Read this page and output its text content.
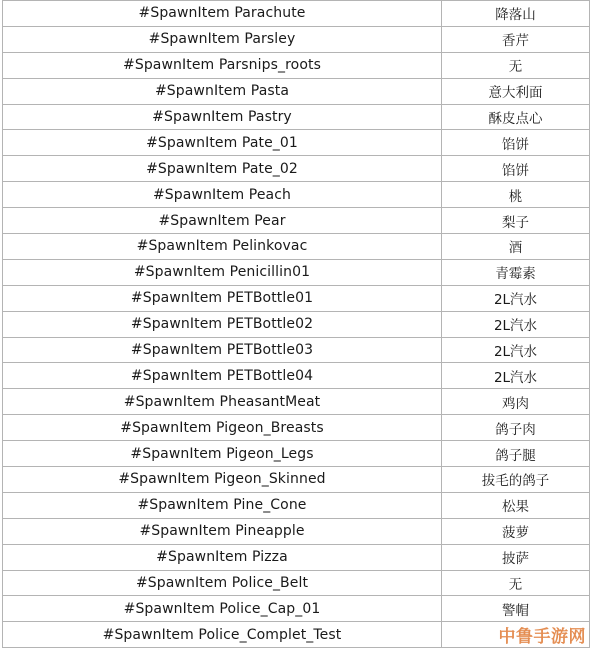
#SpawnItem Parachute	降落山
#SpawnItem Parsley	香芹
#SpawnItem Parsnips_roots	无
#SpawnItem Pasta	意大利面
#SpawnItem Pastry	酥皮点心
#SpawnItem Pate_01	馅饼
#SpawnItem Pate_02	馅饼
#SpawnItem Peach	桃
#SpawnItem Pear	梨子
#SpawnItem Pelinkovac	酒
#SpawnItem Penicillin01	青霉素
#SpawnItem PETBottle01	2L汽水
#SpawnItem PETBottle02	2L汽水
#SpawnItem PETBottle03	2L汽水
#SpawnItem PETBottle04	2L汽水
#SpawnItem PheasantMeat	鸡肉
#SpawnItem Pigeon_Breasts	鸽子肉
#SpawnItem Pigeon_Legs	鸽子腿
#SpawnItem Pigeon_Skinned	拔毛的鸽子
#SpawnItem Pine_Cone	松果
#SpawnItem Pineapple	菠萝
#SpawnItem Pizza	披萨
#SpawnItem Police_Belt	无
#SpawnItem Police_Cap_01	警帽
#SpawnItem Police_Complet_Test		中鲁手游网
